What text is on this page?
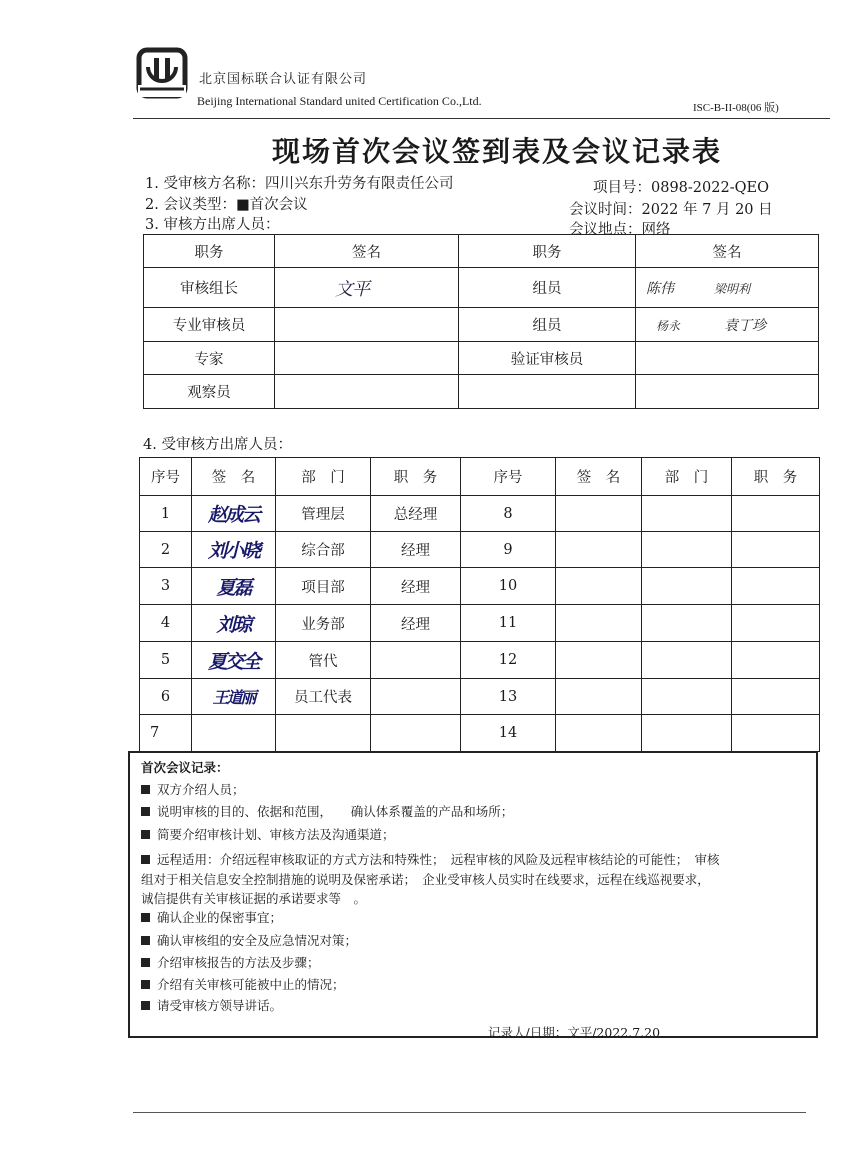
北京国标联合认证有限公司
Beijing International Standard united Certification Co.,Ltd.	ISC-B-II-08(06 版)
现场首次会议签到表及会议记录表
1. 受审核方名称：四川兴东升劳务有限责任公司
2. 会议类型：■首次会议
3. 审核方出席人员：
项目号：0898-2022-QEO
会议时间：2022 年 7 月 20 日
会议地点：网络
职务	签名	职务	签名
审核组长	文平	组员	陈伟 梁明利
专业审核员		组员	杨永 袁丁珍
专家		验证审核员	
观察员			
4. 受审核方出席人员：
序号	签　名	部　门	职　务	序号	签　名	部　门	职　务
1	赵成云	管理层	总经理	8			
2	刘小晓	综合部	经理	9			
3	夏磊	项目部	经理	10			
4	刘琼	业务部	经理	11			
5	夏交全	管代		12			
6	王道丽	员工代表		13			
7				14			
首次会议记录：
双方介绍人员；
说明审核的目的、依据和范围，　　确认体系覆盖的产品和场所；
简要介绍审核计划、审核方法及沟通渠道；
远程适用：介绍远程审核取证的方式方法和特殊性；　远程审核的风险及远程审核结论的可能性；　审核
组对于相关信息安全控制措施的说明及保密承诺；　企业受审核人员实时在线要求，远程在线巡视要求，
诚信提供有关审核证据的承诺要求等　。
确认企业的保密事宜；
确认审核组的安全及应急情况对策；
介绍审核报告的方法及步骤；
介绍有关审核可能被中止的情况；
请受审核方领导讲话。
记录人/日期：文平/2022.7.20
